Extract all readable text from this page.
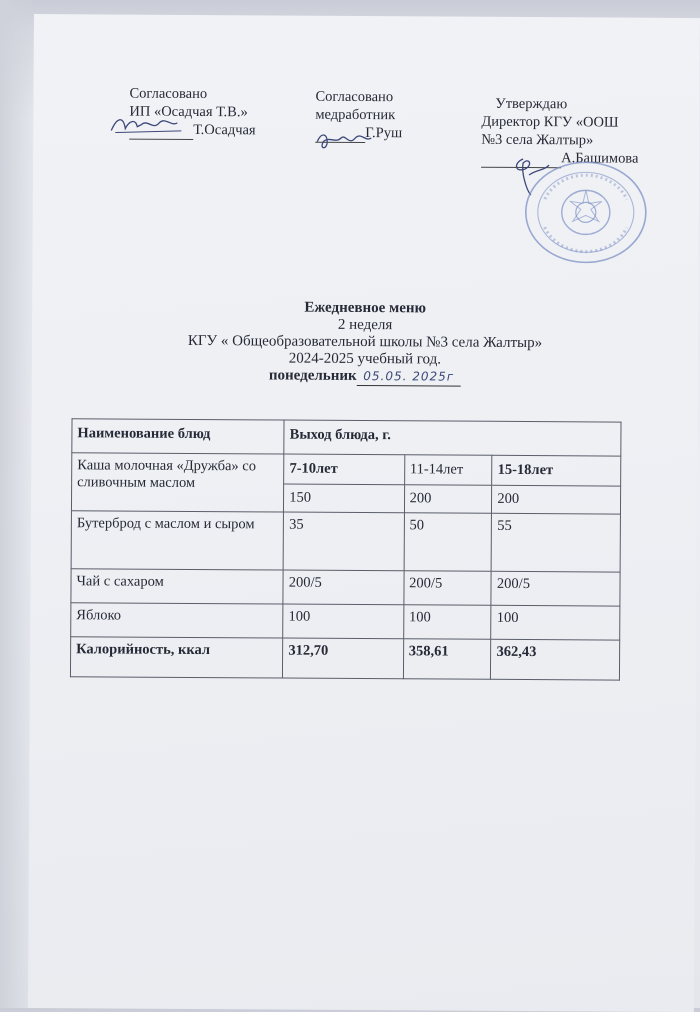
Согласовано
ИП «Осадчая Т.В.»
Т.Осадчая
Согласовано
медработник
Г.Руш
Утверждаю
Директор КГУ «ООШ
№3 села Жалтыр»
А.Башимова
Ежедневное меню
2 неделя
КГУ « Общеобразовательной школы №3 села Жалтыр»
2024-2025 учебный год.
понедельник 05.05. 2025г
Наименование блюд	Выход блюда, г.		
Каша молочная «Дружба» со сливочным маслом	7-10лет	11-14лет	15-18лет
	150	200	200
Бутерброд с маслом и сыром	35	50	55
Чай с сахаром	200/5	200/5	200/5
Яблоко	100	100	100
Калорийность, ккал	312,70	358,61	362,43
